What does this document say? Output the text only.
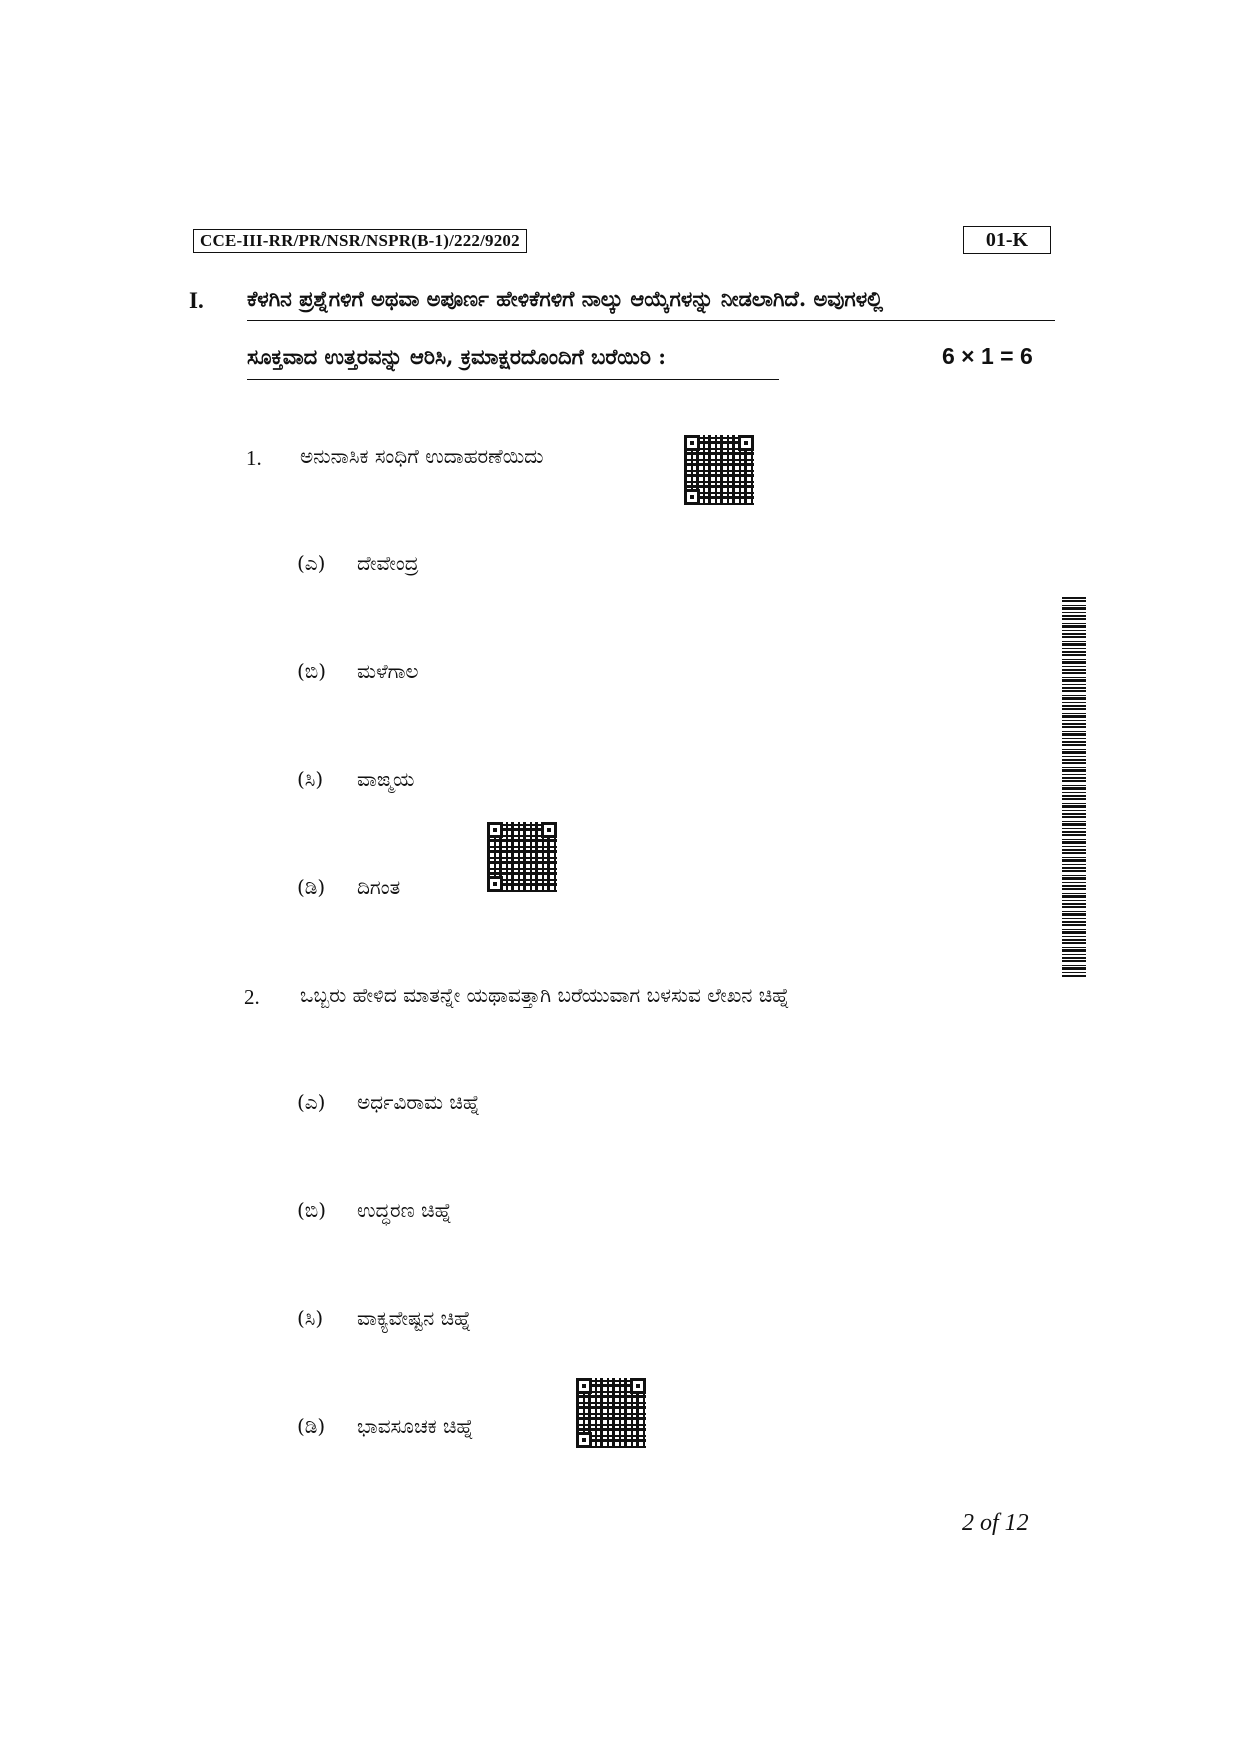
CCE-III-RR/PR/NSR/NSPR(B-1)/222/9202	01-K
I. ಕೆಳಗಿನ ಪ್ರಶ್ನೆಗಳಿಗೆ ಅಥವಾ ಅಪೂರ್ಣ ಹೇಳಿಕೆಗಳಿಗೆ ನಾಲ್ಕು ಆಯ್ಕೆಗಳನ್ನು ನೀಡಲಾಗಿದೆ. ಅವುಗಳಲ್ಲಿ
ಸೂಕ್ತವಾದ ಉತ್ತರವನ್ನು ಆರಿಸಿ, ಕ್ರಮಾಕ್ಷರದೊಂದಿಗೆ ಬರೆಯಿರಿ :	6 × 1 = 6
1. ಅನುನಾಸಿಕ ಸಂಧಿಗೆ ಉದಾಹರಣೆಯಿದು
(ಎ) ದೇವೇಂದ್ರ
(ಬಿ) ಮಳೆಗಾಲ
(ಸಿ) ವಾಙ್ಮಯ
(ಡಿ) ದಿಗಂತ
2. ಒಬ್ಬರು ಹೇಳಿದ ಮಾತನ್ನೇ ಯಥಾವತ್ತಾಗಿ ಬರೆಯುವಾಗ ಬಳಸುವ ಲೇಖನ ಚಿಹ್ನೆ
(ಎ) ಅರ್ಧವಿರಾಮ ಚಿಹ್ನೆ
(ಬಿ) ಉದ್ಧರಣ ಚಿಹ್ನೆ
(ಸಿ) ವಾಕ್ಯವೇಷ್ಟನ ಚಿಹ್ನೆ
(ಡಿ) ಭಾವಸೂಚಕ ಚಿಹ್ನೆ
2 of 12
